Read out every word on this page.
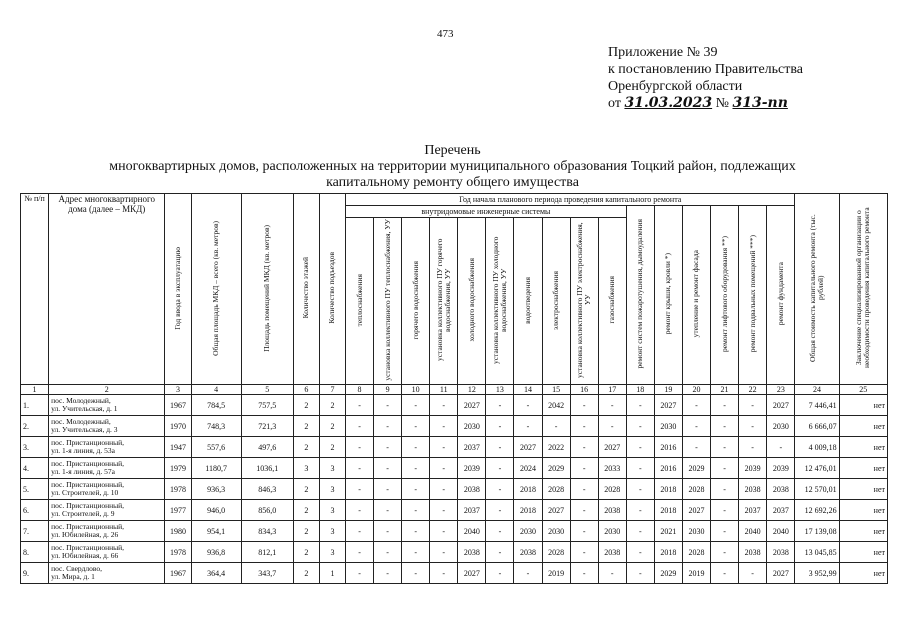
473
Приложение № 39
к постановлению Правительства
Оренбургской области
от 31.03.2023 № 313-пп
Перечень
многоквартирных домов, расположенных на территории муниципального образования Тоцкий район, подлежащих
капитальному ремонту общего имущества
№ п/п	Адрес многоквартирного дома (далее – МКД)	Год ввода в эксплуатацию	Общая площадь МКД – всего (кв. метров)	Площадь помещений МКД (кв. метров)	Количество этажей	Количество подъездов	Год начала планового периода проведения капитального ремонта																Общая стоимость капитального ремонта (тыс. рублей)	Заключение специализированной организации о необходимости проведения капитального ремонта
							внутридомовые инженерные системы										ремонт систем пожаротушения, дымоудаления	ремонт крыши, кровли *)	утепление и ремонт фасада	ремонт лифтового оборудования **)	ремонт подвальных помещений ***)	ремонт фундамента		
							теплоснабжения	установка коллективного ПУ теплоснабжения, УУ	горячего водоснабжения	установка коллективного ПУ горячего водоснабжения, УУ	холодного водоснабжения	установка коллективного ПУ холодного водоснабжения, УУ	водоотведения	электроснабжения	установка коллективного ПУ электроснабжения, УУ	газоснабжения								
1	2	3	4	5	6	7	8	9	10	11	12	13	14	15	16	17	18	19	20	21	22	23	24	25
1.	пос. Молодежный,
ул. Учительская, д. 1	1967	784,5	757,5	2	2	-	-	-	-	2027	-	-	2042	-	-	-	2027	-	-	-	2027	7 446,41	нет
2.	пос. Молодежный,
ул. Учительская, д. 3	1970	748,3	721,3	2	2	-	-	-	-	2030	-	-	-	-	-	-	2030	-	-	-	2030	6 666,07	нет
3.	пос. Пристанционный,
ул. 1-я линия, д. 53а	1947	557,6	497,6	2	2	-	-	-	-	2037	-	2027	2022	-	2027	-	2016	-	-	-	-	4 009,18	нет
4.	пос. Пристанционный,
ул. 1-я линия, д. 57а	1979	1180,7	1036,1	3	3	-	-	-	-	2039	-	2024	2029	-	2033	-	2016	2029	-	2039	2039	12 476,01	нет
5.	пос. Пристанционный,
ул. Строителей, д. 10	1978	936,3	846,3	2	3	-	-	-	-	2038	-	2018	2028	-	2028	-	2018	2028	-	2038	2038	12 570,01	нет
6.	пос. Пристанционный,
ул. Строителей, д. 9	1977	946,0	856,0	2	3	-	-	-	-	2037	-	2018	2027	-	2038	-	2018	2027	-	2037	2037	12 692,26	нет
7.	пос. Пристанционный,
ул. Юбилейная, д. 26	1980	954,1	834,3	2	3	-	-	-	-	2040	-	2030	2030	-	2030	-	2021	2030	-	2040	2040	17 139,08	нет
8.	пос. Пристанционный,
ул. Юбилейная, д. 66	1978	936,8	812,1	2	3	-	-	-	-	2038	-	2038	2028	-	2038	-	2018	2028	-	2038	2038	13 045,85	нет
9.	пос. Свердлово,
ул. Мира, д. 1	1967	364,4	343,7	2	1	-	-	-	-	2027	-	-	2019	-	-	-	2029	2019	-	-	2027	3 952,99	нет
